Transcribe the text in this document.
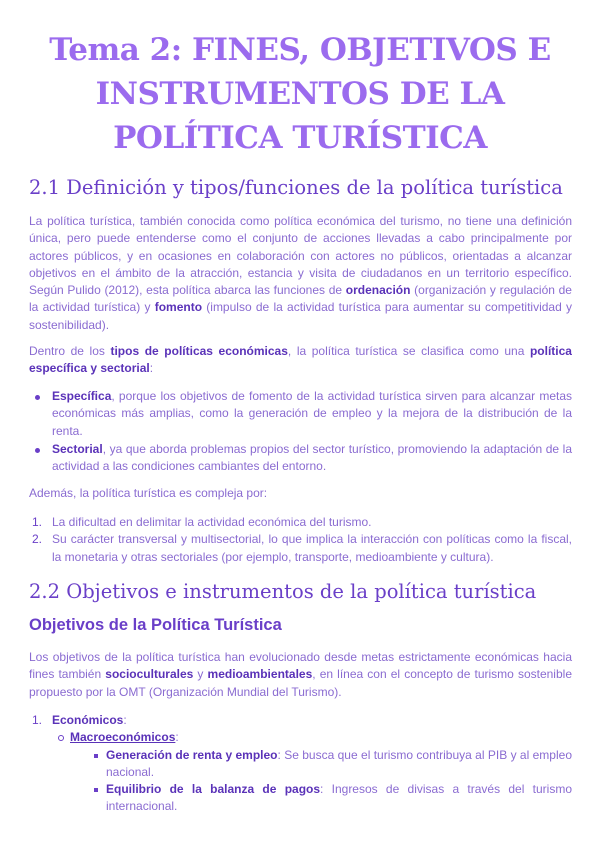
Tema 2: FINES, OBJETIVOS E INSTRUMENTOS DE LA POLÍTICA TURÍSTICA
2.1 Definición y tipos/funciones de la política turística

La política turística, también conocida como política económica del turismo, no tiene una definición única, pero puede entenderse como el conjunto de acciones llevadas a cabo principalmente por actores públicos, y en ocasiones en colaboración con actores no públicos, orientadas a alcanzar objetivos en el ámbito de la atracción, estancia y visita de ciudadanos en un territorio específico. Según Pulido (2012), esta política abarca las funciones de ordenación (organización y regulación de la actividad turística) y fomento (impulso de la actividad turística para aumentar su competitividad y sostenibilidad).

Dentro de los tipos de políticas económicas, la política turística se clasifica como una política específica y sectorial:

Específica, porque los objetivos de fomento de la actividad turística sirven para alcanzar metas económicas más amplias, como la generación de empleo y la mejora de la distribución de la renta.
Sectorial, ya que aborda problemas propios del sector turístico, promoviendo la adaptación de la actividad a las condiciones cambiantes del entorno.

Además, la política turística es compleja por:

1. La dificultad en delimitar la actividad económica del turismo.
2. Su carácter transversal y multisectorial, lo que implica la interacción con políticas como la fiscal, la monetaria y otras sectoriales (por ejemplo, transporte, medioambiente y cultura).
2.2 Objetivos e instrumentos de la política turística
Objetivos de la Política Turística

Los objetivos de la política turística han evolucionado desde metas estrictamente económicas hacia fines también socioculturales y medioambientales, en línea con el concepto de turismo sostenible propuesto por la OMT (Organización Mundial del Turismo).

1. Económicos:
Macroeconómicos:
Generación de renta y empleo: Se busca que el turismo contribuya al PIB y al empleo nacional.
Equilibrio de la balanza de pagos: Ingresos de divisas a través del turismo internacional.
